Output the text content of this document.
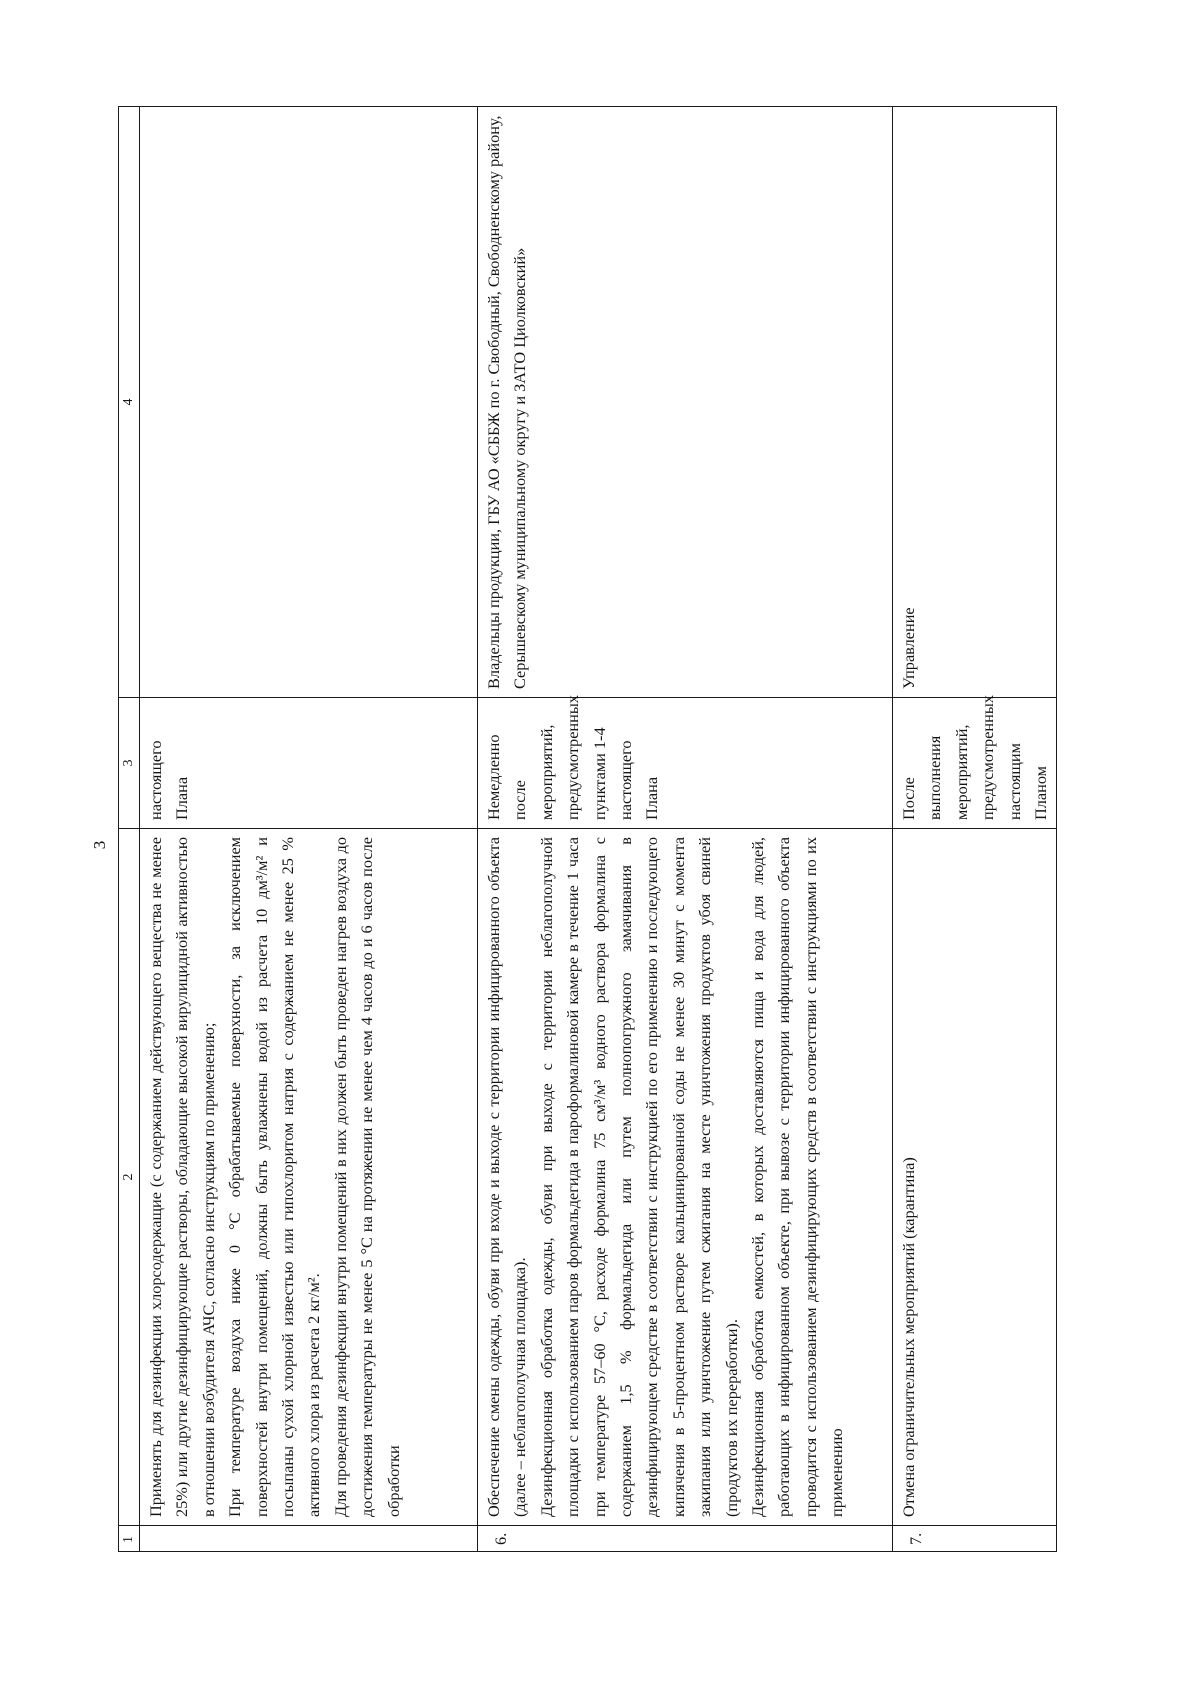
3
1	2	3	4

	Применять для дезинфекции хлорсодержащие (с содержанием действующего вещества не менее 25%) или другие дезинфицирующие растворы, обладающие высокой вирулицидной активностью в отношении возбудителя АЧС, согласно инструкциям по применению; При температуре воздуха ниже 0 °С обрабатываемые поверхности, за исключением поверхностей внутри помещений, должны быть увлажнены водой из расчета 10 дм³/м² и посыпаны сухой хлорной известью или гипохлоритом натрия с содержанием не менее 25 % активного хлора из расчета 2 кг/м². Для проведения дезинфекции внутри помещений в них должен быть проведен нагрев воздуха до достижения температуры не менее 5 °С на протяжении не менее чем 4 часов до и 6 часов после обработки	настоящего Плана	

6.	Обеспечение смены одежды, обуви при входе и выходе с территории инфицированного объекта (далее – неблагополучная площадка). Дезинфекционная обработка одежды, обуви при выходе с территории неблагополучной площадки с использованием паров формальдегида в пароформалиновой камере в течение 1 часа при температуре 57–60 °С, расходе формалина 75 см³/м³ водного раствора формалина с содержанием 1,5 % формальдегида или путем полнопогружного замачивания в дезинфицирующем средстве в соответствии с инструкцией по его применению и последующего кипячения в 5-процентном растворе кальцинированной соды не менее 30 минут с момента закипания или уничтожение путем сжигания на месте уничтожения продуктов убоя свиней (продуктов их переработки). Дезинфекционная обработка емкостей, в которых доставляются пища и вода для людей, работающих в инфицированном объекте, при вывозе с территории инфицированного объекта проводится с использованием дезинфицирующих средств в соответствии с инструкциями по их применению	Немедленно после мероприятий, предусмотренных пунктами 1-4 настоящего Плана	Владельцы продукции, ГБУ АО «СББЖ по г. Свободный, Свободненскому району, Серышевскому муниципальному округу и ЗАТО Циолковский»

7.	Отмена ограничительных мероприятий (карантина)	После выполнения мероприятий, предусмотренных настоящим Планом	Управление
